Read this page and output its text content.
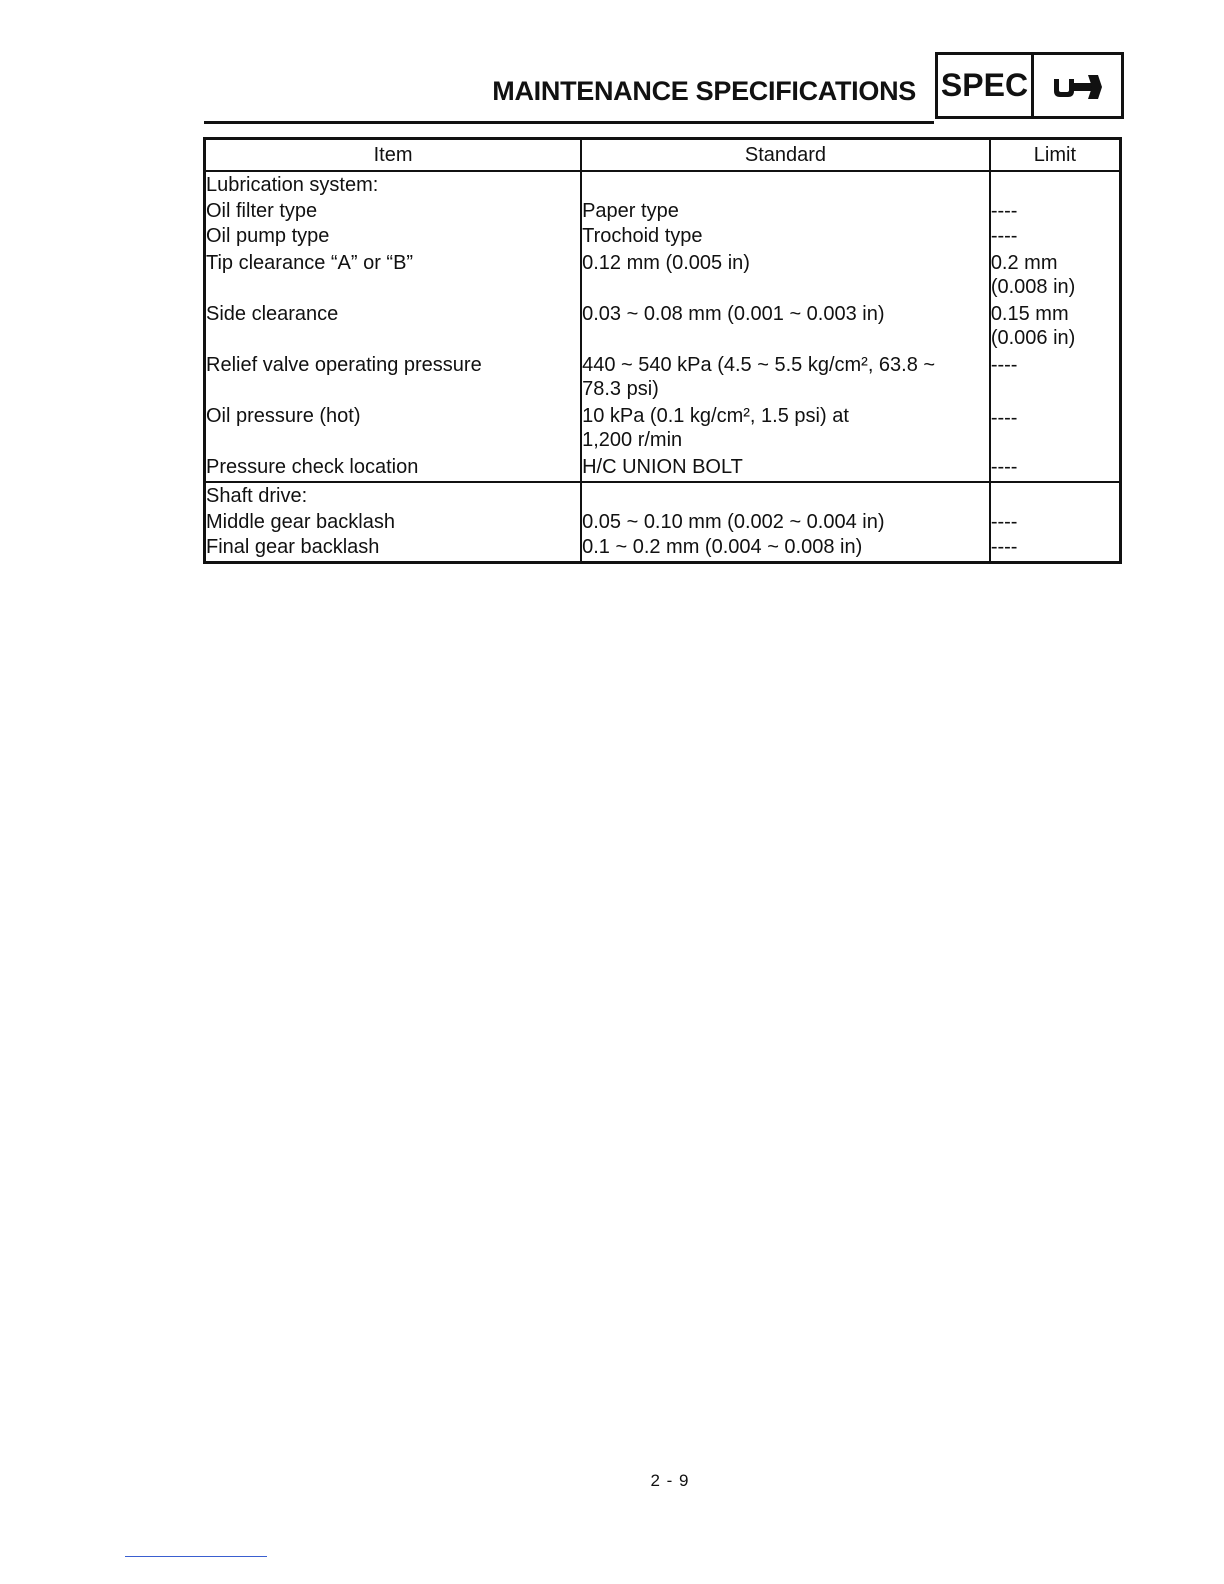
MAINTENANCE SPECIFICATIONS SPEC
Item	Standard	Limit
Lubrication system:		
Oil filter type	Paper type	----
Oil pump type	Trochoid type	----
Tip clearance “A” or “B”	0.12 mm (0.005 in)	0.2 mm (0.008 in)
Side clearance	0.03 ~ 0.08 mm (0.001 ~ 0.003 in)	0.15 mm (0.006 in)
Relief valve operating pressure	440 ~ 540 kPa (4.5 ~ 5.5 kg/cm², 63.8 ~ 78.3 psi)	----
Oil pressure (hot)	10 kPa (0.1 kg/cm², 1.5 psi) at 1,200 r/min	----
Pressure check location	H/C UNION BOLT	----
Shaft drive:		
Middle gear backlash	0.05 ~ 0.10 mm (0.002 ~ 0.004 in)	----
Final gear backlash	0.1 ~ 0.2 mm (0.004 ~ 0.008 in)	----
2 - 9
